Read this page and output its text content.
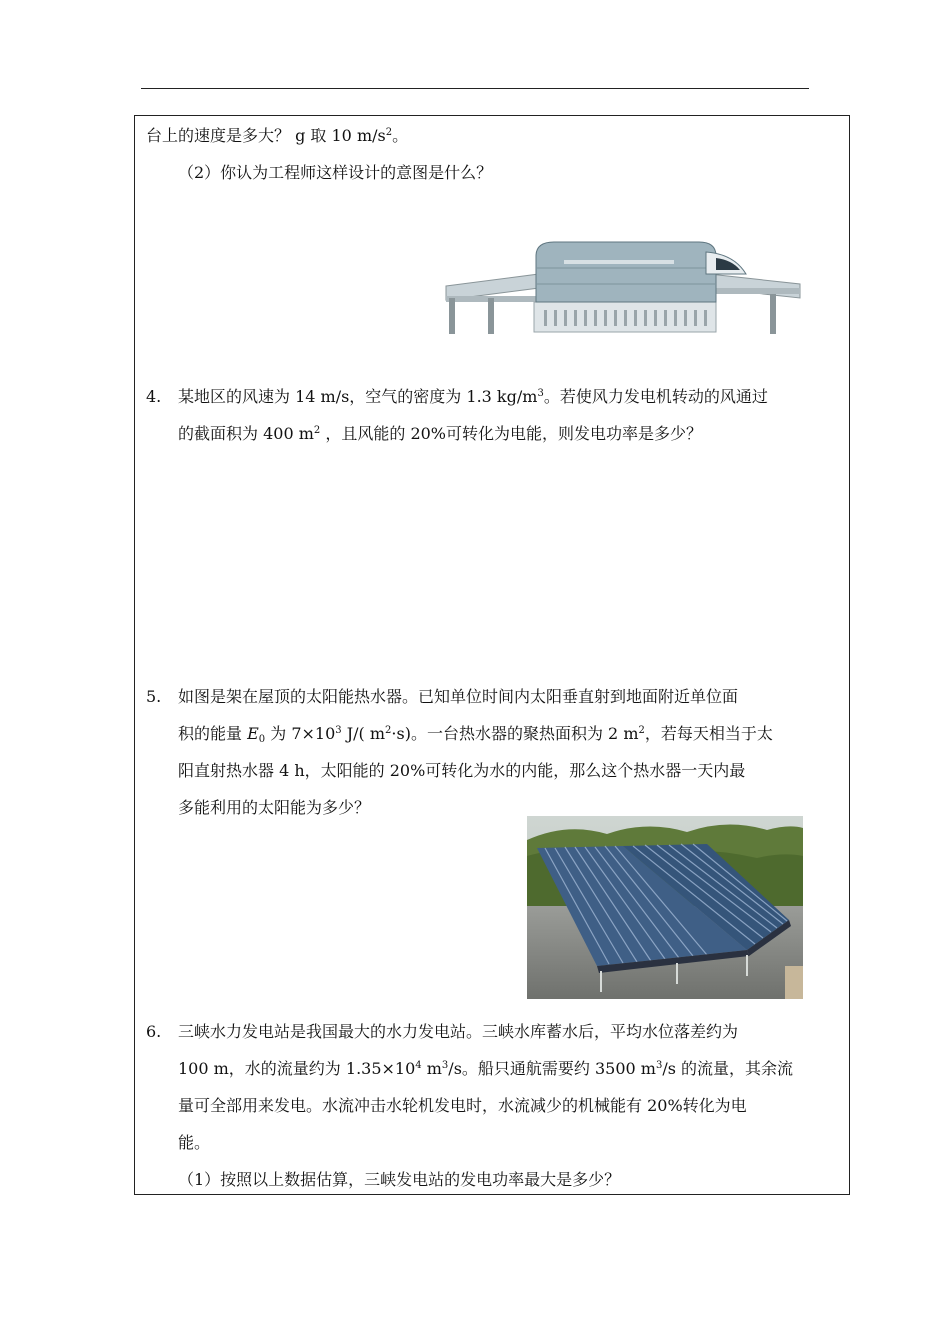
台上的速度是多大？ g 取 10 $m/s^2$。
（2）你认为工程师这样设计的意图是什么？
4. 某地区的风速为 14 m/s，空气的密度为 1.3 $kg/m^3$。若使风力发电机转动的风通过
的截面积为 400 $m^2$ ，且风能的 20%可转化为电能，则发电功率是多少？
5. 如图是架在屋顶的太阳能热水器。已知单位时间内太阳垂直射到地面附近单位面
积的能量 $E_0$ 为 $7\times 10^3$ J/( $m^2\cdot s$)。一台热水器的聚热面积为 2 $m^2$，若每天相当于太
阳直射热水器 4 h，太阳能的 20%可转化为水的内能，那么这个热水器一天内最
多能利用的太阳能为多少？
6. 三峡水力发电站是我国最大的水力发电站。三峡水库蓄水后，平均水位落差约为
100 m，水的流量约为 $1.35\times 10^4$ $m^3/s$。船只通航需要约 3500 $m^3/s$ 的流量，其余流
量可全部用来发电。水流冲击水轮机发电时，水流减少的机械能有 20%转化为电
能。
（1）按照以上数据估算，三峡发电站的发电功率最大是多少？
